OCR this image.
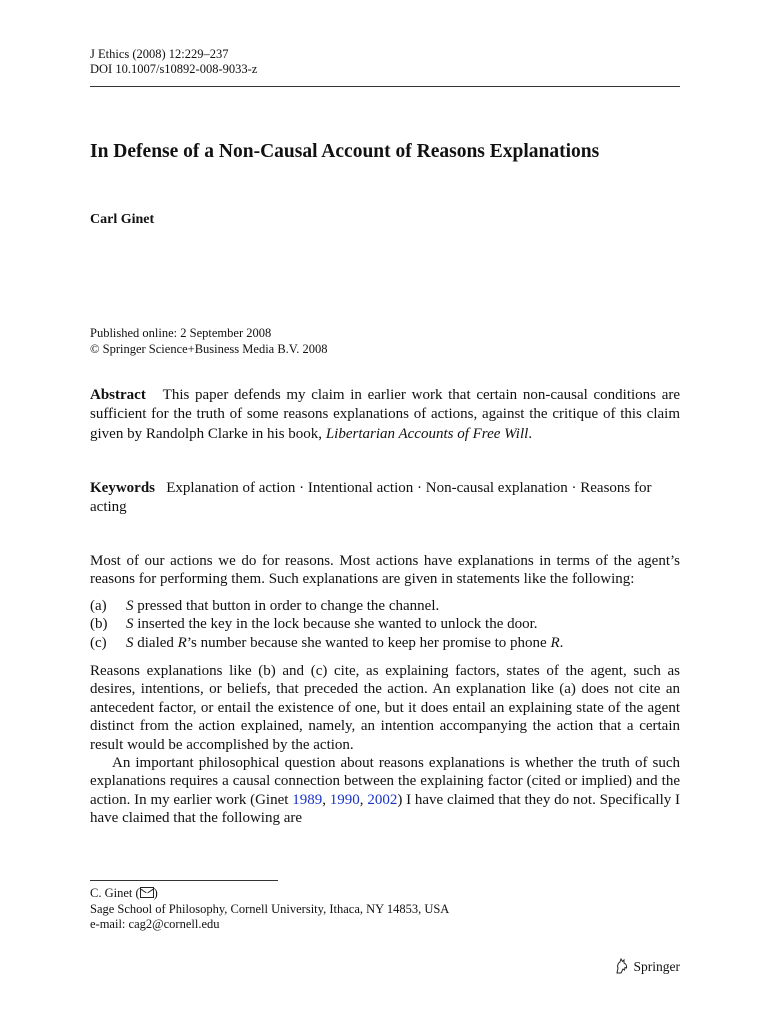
J Ethics (2008) 12:229–237
DOI 10.1007/s10892-008-9033-z
In Defense of a Non-Causal Account of Reasons Explanations
Carl Ginet
Published online: 2 September 2008
© Springer Science+Business Media B.V. 2008
Abstract This paper defends my claim in earlier work that certain non-causal conditions are sufficient for the truth of some reasons explanations of actions, against the critique of this claim given by Randolph Clarke in his book, Libertarian Accounts of Free Will.
Keywords Explanation of action · Intentional action · Non-causal explanation · Reasons for acting

Most of our actions we do for reasons. Most actions have explanations in terms of the agent’s reasons for performing them. Such explanations are given in statements like the following:

(a)	S pressed that button in order to change the channel.
(b)	S inserted the key in the lock because she wanted to unlock the door.
(c)	S dialed R’s number because she wanted to keep her promise to phone R.

Reasons explanations like (b) and (c) cite, as explaining factors, states of the agent, such as desires, intentions, or beliefs, that preceded the action. An explanation like (a) does not cite an antecedent factor, or entail the existence of one, but it does entail an explaining state of the agent distinct from the action explained, namely, an intention accompanying the action that a certain result would be accomplished by the action.

An important philosophical question about reasons explanations is whether the truth of such explanations requires a causal connection between the explaining factor (cited or implied) and the action. In my earlier work (Ginet 1989, 1990, 2002) I have claimed that they do not. Specifically I have claimed that the following are

C. Ginet ( )
Sage School of Philosophy, Cornell University, Ithaca, NY 14853, USA
e-mail: cag2@cornell.edu
Springer
